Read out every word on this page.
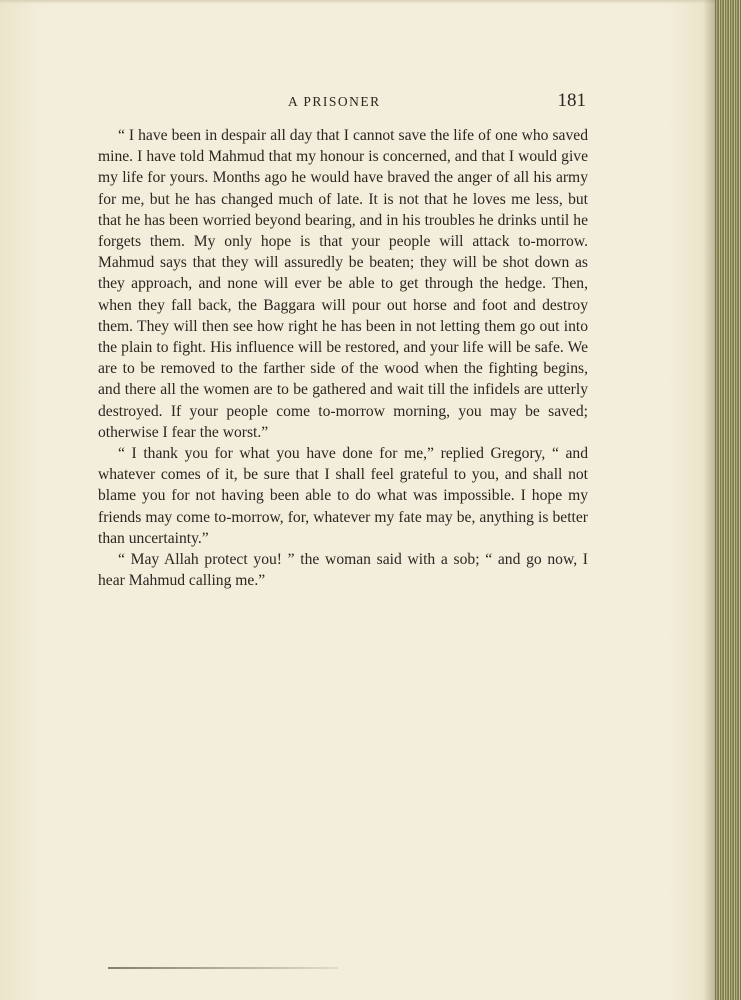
A PRISONER	181

“ I have been in despair all day that I cannot save the life of one who saved mine. I have told Mahmud that my honour is concerned, and that I would give my life for yours. Months ago he would have braved the anger of all his army for me, but he has changed much of late. It is not that he loves me less, but that he has been worried beyond bearing, and in his troubles he drinks until he forgets them. My only hope is that your people will attack to-morrow. Mahmud says that they will assuredly be beaten; they will be shot down as they approach, and none will ever be able to get through the hedge. Then, when they fall back, the Baggara will pour out horse and foot and destroy them. They will then see how right he has been in not letting them go out into the plain to fight. His influence will be restored, and your life will be safe. We are to be removed to the farther side of the wood when the fighting begins, and there all the women are to be gathered and wait till the infidels are utterly destroyed. If your people come to-morrow morning, you may be saved; otherwise I fear the worst.”

“ I thank you for what you have done for me,” replied Gregory, “ and whatever comes of it, be sure that I shall feel grateful to you, and shall not blame you for not having been able to do what was impossible. I hope my friends may come to-morrow, for, whatever my fate may be, anything is better than uncertainty.”

“ May Allah protect you! ” the woman said with a sob; “ and go now, I hear Mahmud calling me.”
